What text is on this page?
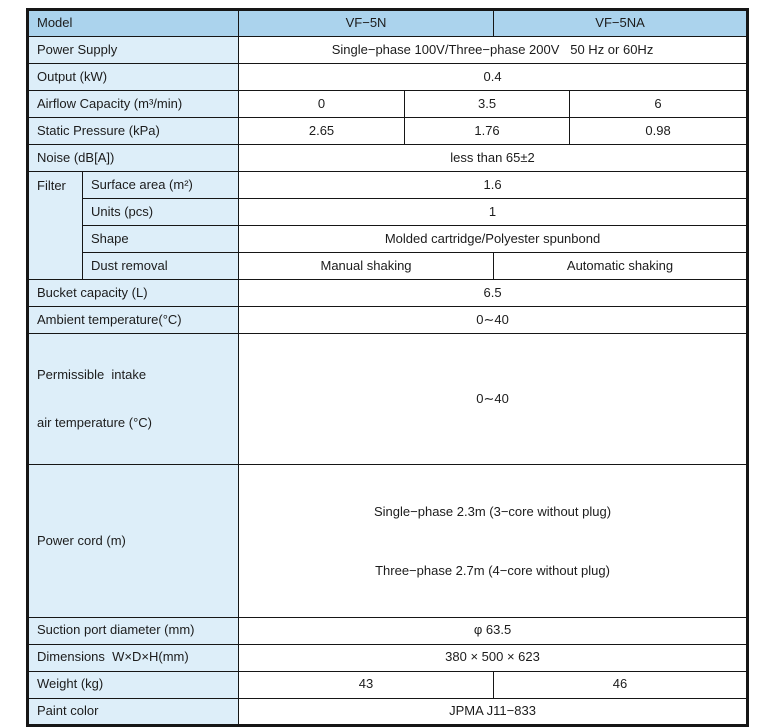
Model		VF−5N		VF−5NA	
Power Supply		Single−phase 100V/Three−phase 200V   50 Hz or 60Hz			
Output (kW)		0.4			
Airflow Capacity (m³/min)		0	3.5		6
Static Pressure (kPa)		2.65	1.76		0.98
Noise (dB[A])		less than 65±2			
Filter	Surface area (m²)	1.6			
	Units (pcs)	1			
	Shape	Molded cartridge/Polyester spunbond			
	Dust removal	Manual shaking		Automatic shaking	
Bucket capacity (L)		6.5			
Ambient temperature(°C)		0∼40			

Permissible  intake

air temperature (°C)		0∼40			
Power cord (m)		Single−phase 2.3m (3−core without plug)

Three−phase 2.7m (4−core without plug)			

Suction port diameter (mm)		φ 63.5			
Dimensions  W×D×H(mm)		380 × 500 × 623			
Weight (kg)		43		46	
Paint color		JPMA J11−833			
